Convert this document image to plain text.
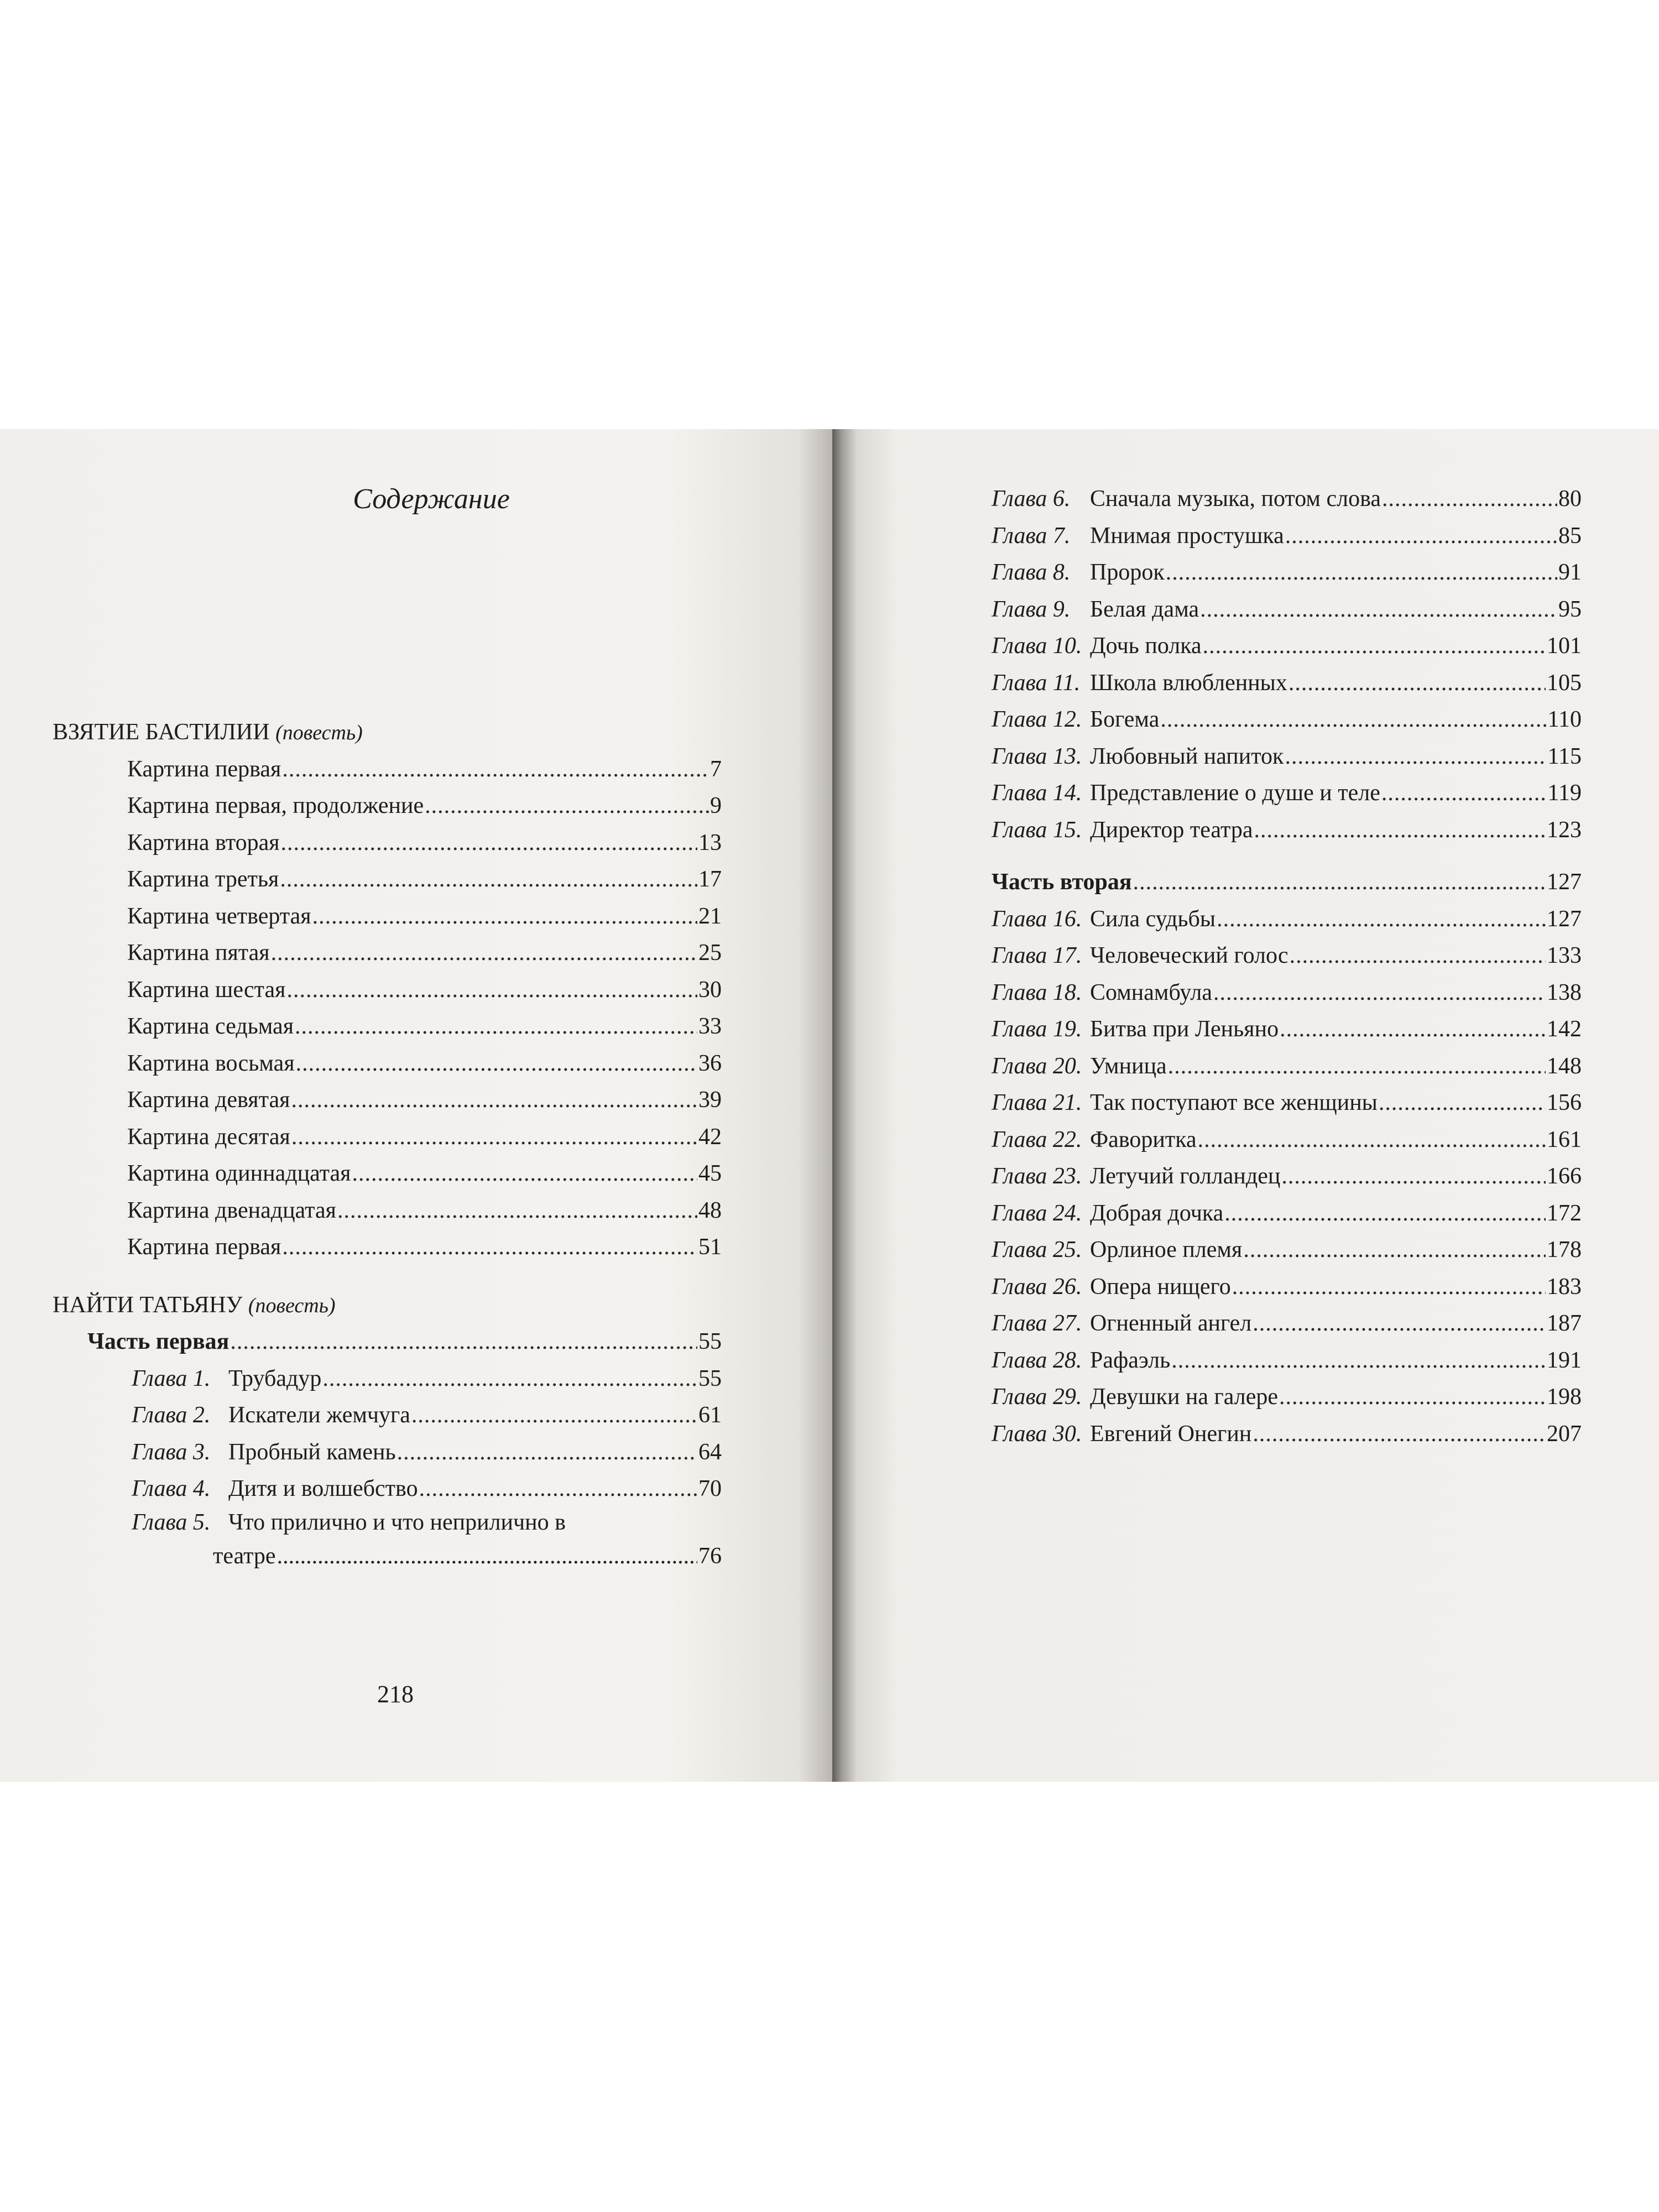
Содержание
ВЗЯТИЕ БАСТИЛИИ
(повесть)
Картина первая .....	7
Картина первая, продолжение .....	9
Картина вторая .....	13
Картина третья .....	17
Картина четвертая .....	21
Картина пятая .....	25
Картина шестая .....	30
Картина седьмая .....	33
Картина восьмая .....	36
Картина девятая .....	39
Картина десятая .....	42
Картина одиннадцатая .....	45
Картина двенадцатая .....	48
Картина первая .....	51
НАЙТИ ТАТЬЯНУ
(повесть)
Часть первая .....	55
Глава 1. Трубадур .....	55
Глава 2. Искатели жемчуга .....	61
Глава 3. Пробный камень .....	64
Глава 4. Дитя и волшебство .....	70
Глава 5. Что прилично и что неприлично в
театре .....	76
218
Глава 6. Сначала музыка, потом слова .....	80
Глава 7. Мнимая простушка .....	85
Глава 8. Пророк .....	91
Глава 9. Белая дама .....	95
Глава 10. Дочь полка .....	101
Глава 11. Школа влюбленных .....	105
Глава 12. Богема .....	110
Глава 13. Любовный напиток .....	115
Глава 14. Представление о душе и теле .....	119
Глава 15. Директор театра .....	123
Часть вторая .....	127
Глава 16. Сила судьбы .....	127
Глава 17. Человеческий голос .....	133
Глава 18. Сомнамбула .....	138
Глава 19. Битва при Леньяно .....	142
Глава 20. Умница .....	148
Глава 21. Так поступают все женщины .....	156
Глава 22. Фаворитка .....	161
Глава 23. Летучий голландец .....	166
Глава 24. Добрая дочка .....	172
Глава 25. Орлиное племя .....	178
Глава 26. Опера нищего .....	183
Глава 27. Огненный ангел .....	187
Глава 28. Рафаэль .....	191
Глава 29. Девушки на галере .....	198
Глава 30. Евгений Онегин .....	207
